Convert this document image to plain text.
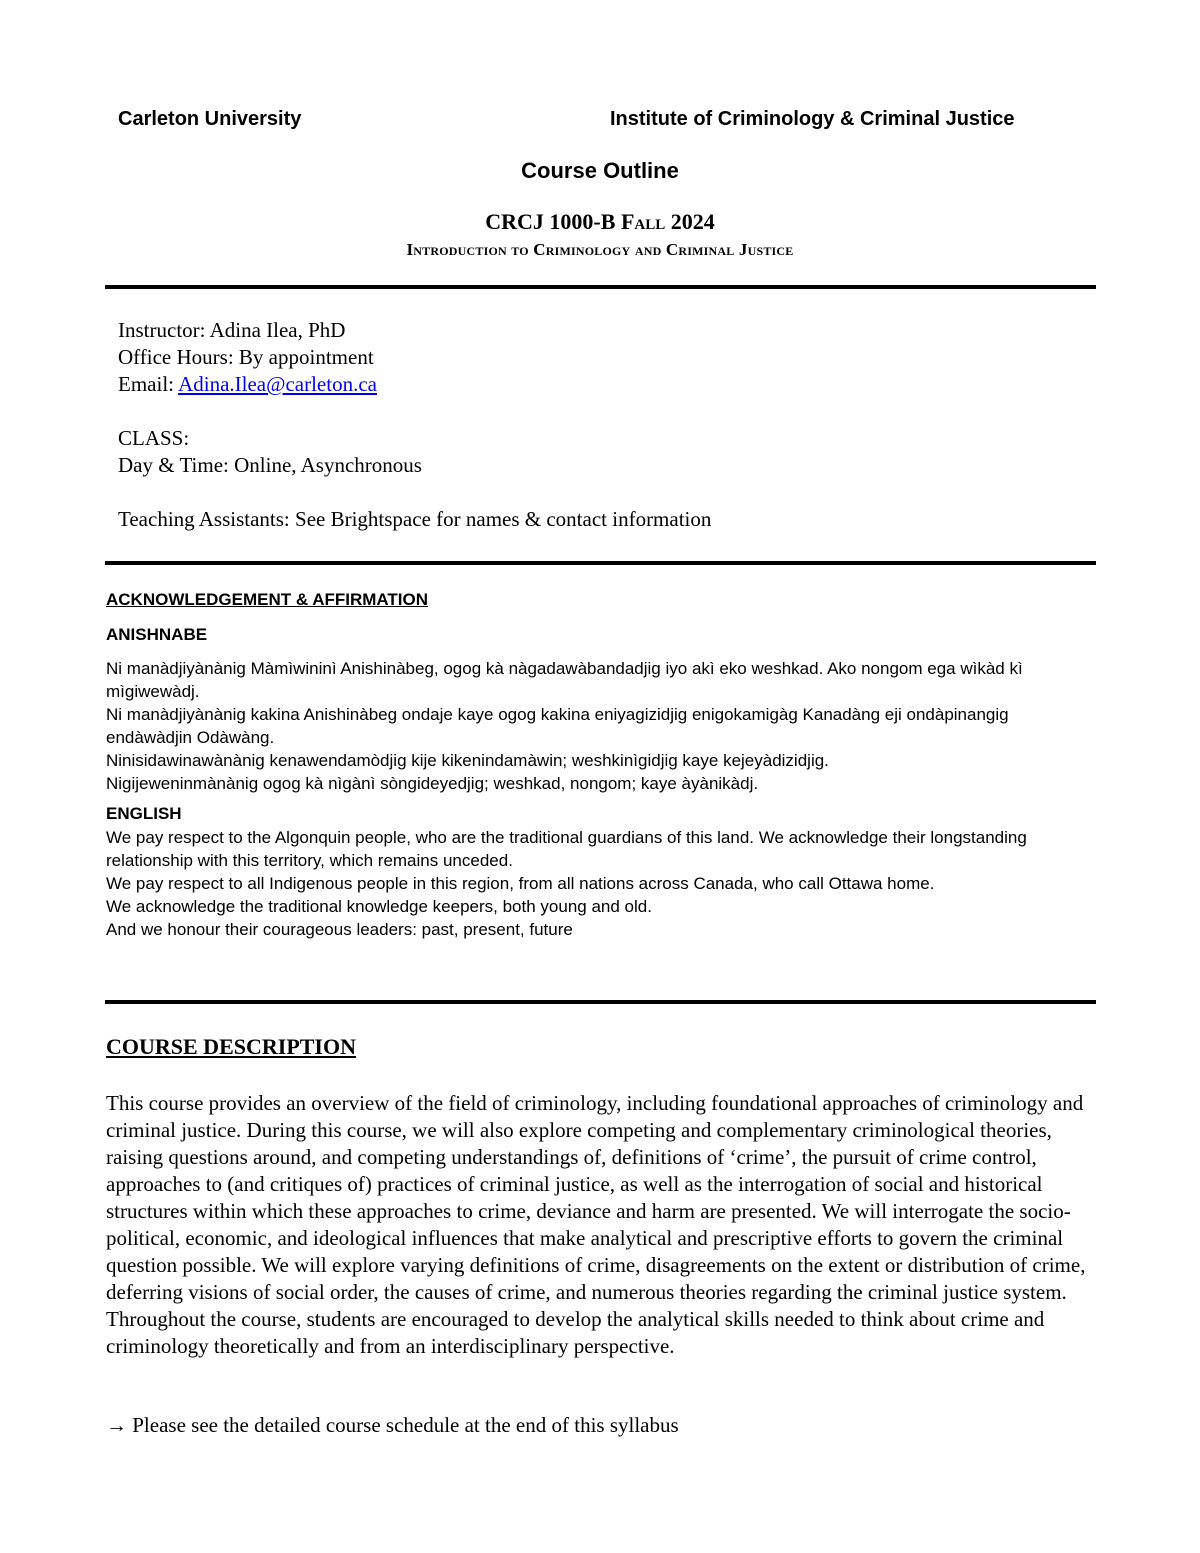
Carleton University	Institute of Criminology & Criminal Justice
Course Outline
CRCJ 1000-B Fall 2024
Introduction to Criminology and Criminal Justice
Instructor: Adina Ilea, PhD
Office Hours: By appointment
Email: Adina.Ilea@carleton.ca
CLASS:
Day & Time: Online, Asynchronous
Teaching Assistants: See Brightspace for names & contact information
ACKNOWLEDGEMENT & AFFIRMATION
ANISHNABE

Ni manàdjiyànànig Màmìwininì Anishinàbeg, ogog kà nàgadawàbandadjig iyo akì eko weshkad. Ako nongom ega wìkàd kì mìgiwewàdj.

Ni manàdjiyànànig kakina Anishinàbeg ondaje kaye ogog kakina eniyagizidjig enigokamigàg Kanadàng eji ondàpinangig endàwàdjin Odàwàng.

Ninisidawinawànànig kenawendamòdjig kije kikenindamàwin; weshkinìgidjig kaye kejeyàdizidjig.

Nigijeweninmànànig ogog kà nìgànì sòngideyedjig; weshkad, nongom; kaye àyànikàdj.

ENGLISH

We pay respect to the Algonquin people, who are the traditional guardians of this land. We acknowledge their longstanding relationship with this territory, which remains unceded.

We pay respect to all Indigenous people in this region, from all nations across Canada, who call Ottawa home.

We acknowledge the traditional knowledge keepers, both young and old.

And we honour their courageous leaders: past, present, future

COURSE DESCRIPTION
This course provides an overview of the field of criminology, including foundational approaches of criminology and criminal justice. During this course, we will also explore competing and complementary criminological theories, raising questions around, and competing understandings of, definitions of ‘crime’, the pursuit of crime control, approaches to (and critiques of) practices of criminal justice, as well as the interrogation of social and historical structures within which these approaches to crime, deviance and harm are presented. We will interrogate the socio-political, economic, and ideological influences that make analytical and prescriptive efforts to govern the criminal question possible. We will explore varying definitions of crime, disagreements on the extent or distribution of crime, deferring visions of social order, the causes of crime, and numerous theories regarding the criminal justice system. Throughout the course, students are encouraged to develop the analytical skills needed to think about crime and criminology theoretically and from an interdisciplinary perspective.
→ Please see the detailed course schedule at the end of this syllabus
